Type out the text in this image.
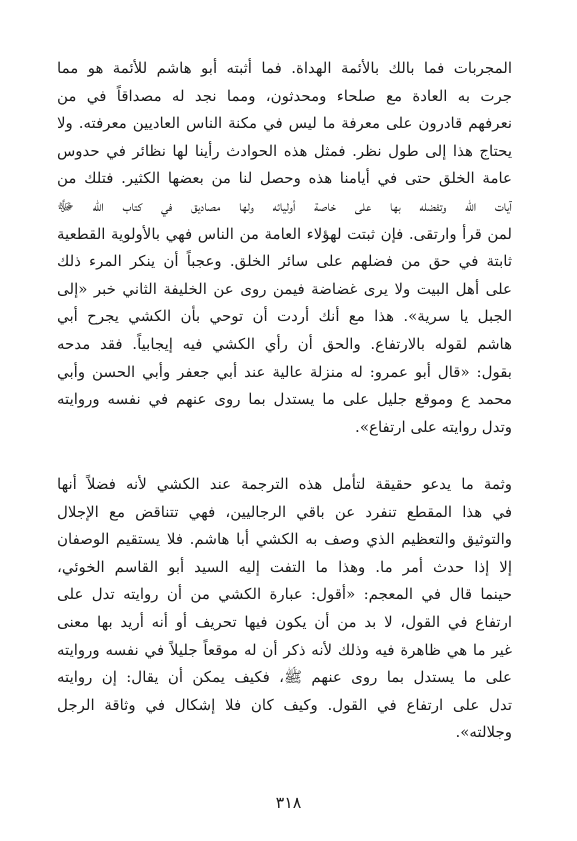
المجربات فما بالك بالأئمة الهداة. فما أثبته أبو هاشم للأئمة هو مما
جرت به العادة مع صلحاء ومحدثون، ومما نجد له مصداقاً في من
نعرفهم قادرون على معرفة ما ليس في مكنة الناس العاديين معرفته. ولا
يحتاج هذا إلى طول نظر. فمثل هذه الحوادث رأينا لها نظائر في حدوس
عامة الخلق حتى في أيامنا هذه وحصل لنا من بعضها الكثير. فتلك من
آيات الله وتفضله بها على خاصة أوليائه ولها مصاديق في كتاب الله ﷻ
لمن قرأ وارتقى. فإن ثبتت لهؤلاء العامة من الناس فهي بالأولوية القطعية
ثابتة في حق من فضلهم على سائر الخلق. وعجباً أن ينكر المرء ذلك
على أهل البيت ولا يرى غضاضة فيمن روى عن الخليفة الثاني خبر «إلى
الجبل يا سرية». هذا مع أنك أردت أن توحي بأن الكشي يجرح أبي
هاشم لقوله بالارتفاع. والحق أن رأي الكشي فيه إيجابياً. فقد مدحه
بقول: «قال أبو عمرو: له منزلة عالية عند أبي جعفر وأبي الحسن وأبي
محمد ع وموقع جليل على ما يستدل بما روى عنهم في نفسه وروايته
وتدل روايته على ارتفاع».
وثمة ما يدعو حقيقة لتأمل هذه الترجمة عند الكشي لأنه فضلاً أنها
في هذا المقطع تنفرد عن باقي الرجاليين، فهي تتناقض مع الإجلال
والتوثيق والتعظيم الذي وصف به الكشي أبا هاشم. فلا يستقيم الوصفان
إلا إذا حدث أمر ما. وهذا ما التفت إليه السيد أبو القاسم الخوئي،
حينما قال في المعجم: «أقول: عبارة الكشي من أن روايته تدل على
ارتفاع في القول، لا بد من أن يكون فيها تحريف أو أنه أريد بها معنى
غير ما هي ظاهرة فيه وذلك لأنه ذكر أن له موقعاً جليلاً في نفسه وروايته
على ما يستدل بما روى عنهم ﷺ، فكيف يمكن أن يقال: إن روايته
تدل على ارتفاع في القول. وكيف كان فلا إشكال في وثاقة الرجل
وجلالته».
٣١٨
